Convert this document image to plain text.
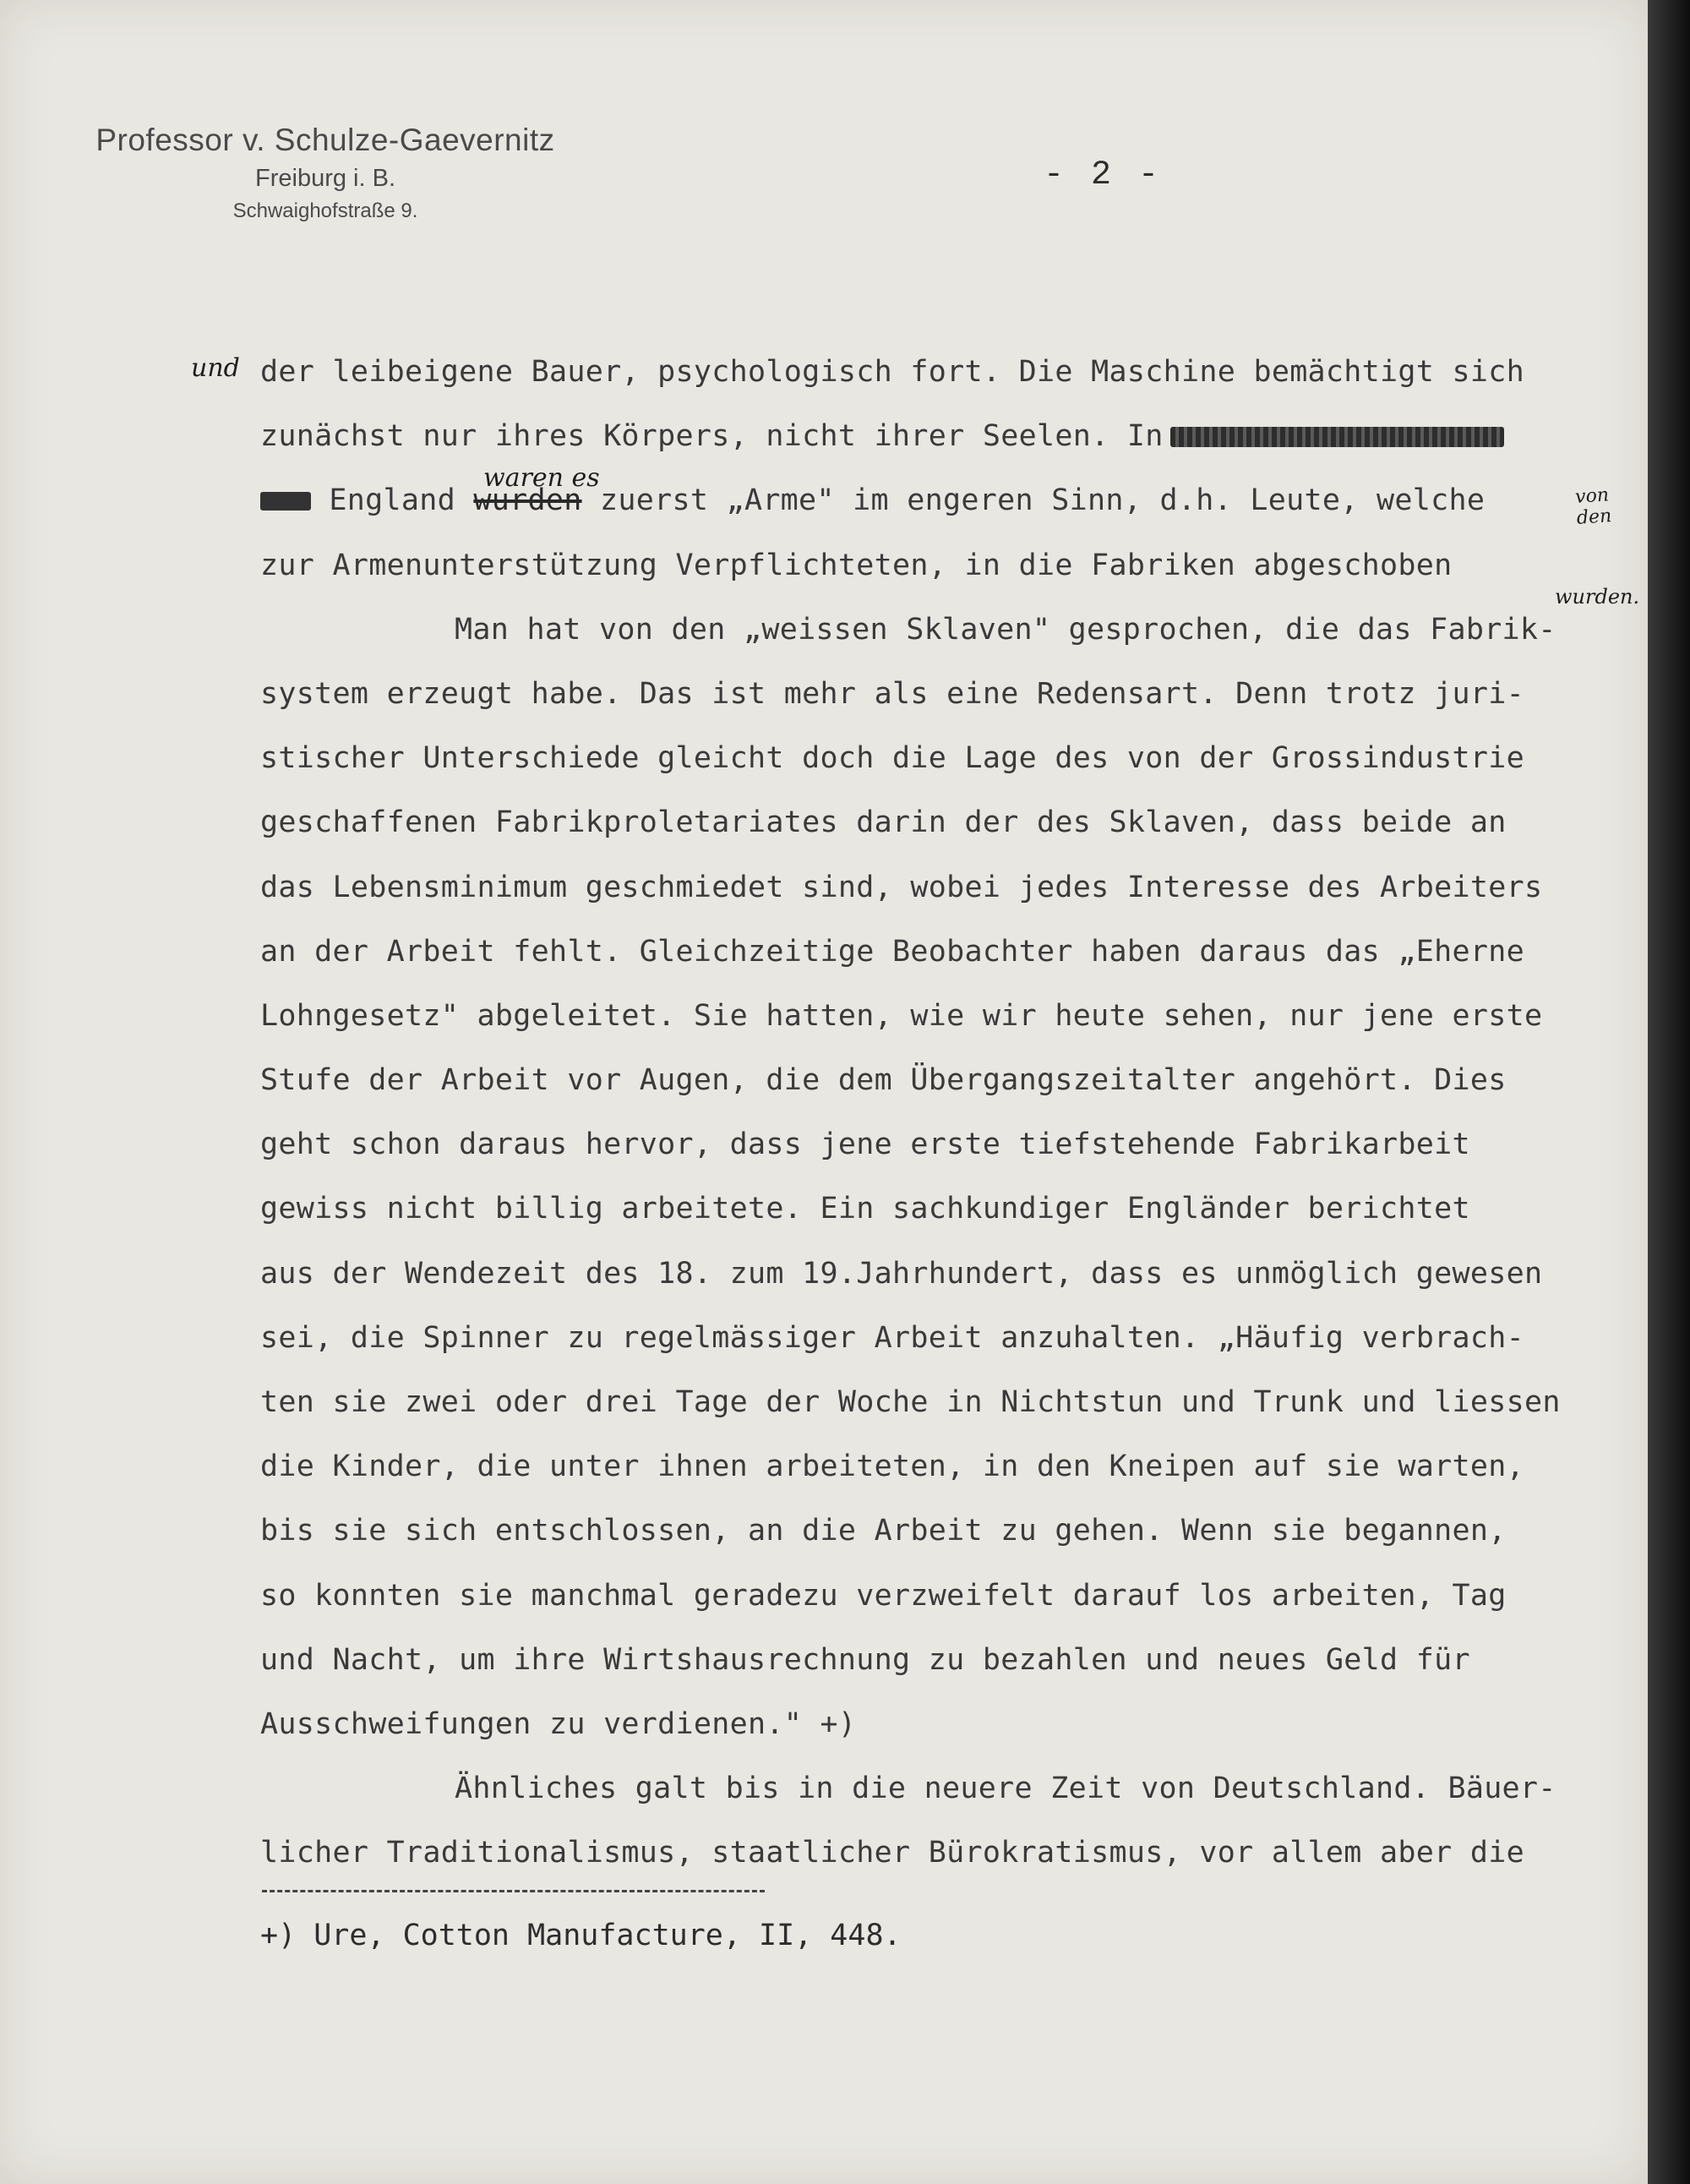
Professor v. Schulze-Gaevernitz
Freiburg i. B.
Schwaighofstraße 9.
- 2 -
und
waren es
von den
wurden.
der leibeigene Bauer, psychologisch fort. Die Maschine bemächtigt sich
zunächst nur ihres Körpers, nicht ihrer Seelen. In
England wurden zuerst „Arme" im engeren Sinn, d.h. Leute, welche
zur Armenunterstützung Verpflichteten, in die Fabriken abgeschoben
Man hat von den „weissen Sklaven" gesprochen, die das Fabrik-
system erzeugt habe. Das ist mehr als eine Redensart. Denn trotz juri-
stischer Unterschiede gleicht doch die Lage des von der Grossindustrie
geschaffenen Fabrikproletariates darin der des Sklaven, dass beide an
das Lebensminimum geschmiedet sind, wobei jedes Interesse des Arbeiters
an der Arbeit fehlt. Gleichzeitige Beobachter haben daraus das „Eherne
Lohngesetz" abgeleitet. Sie hatten, wie wir heute sehen, nur jene erste
Stufe der Arbeit vor Augen, die dem Übergangszeitalter angehört. Dies
geht schon daraus hervor, dass jene erste tiefstehende Fabrikarbeit
gewiss nicht billig arbeitete. Ein sachkundiger Engländer berichtet
aus der Wendezeit des 18. zum 19.Jahrhundert, dass es unmöglich gewesen
sei, die Spinner zu regelmässiger Arbeit anzuhalten. „Häufig verbrach-
ten sie zwei oder drei Tage der Woche in Nichtstun und Trunk und liessen
die Kinder, die unter ihnen arbeiteten, in den Kneipen auf sie warten,
bis sie sich entschlossen, an die Arbeit zu gehen. Wenn sie begannen,
so konnten sie manchmal geradezu verzweifelt darauf los arbeiten, Tag
und Nacht, um ihre Wirtshausrechnung zu bezahlen und neues Geld für
Ausschweifungen zu verdienen." +)
Ähnliches galt bis in die neuere Zeit von Deutschland. Bäuer-
licher Traditionalismus, staatlicher Bürokratismus, vor allem aber die
+) Ure, Cotton Manufacture, II, 448.
